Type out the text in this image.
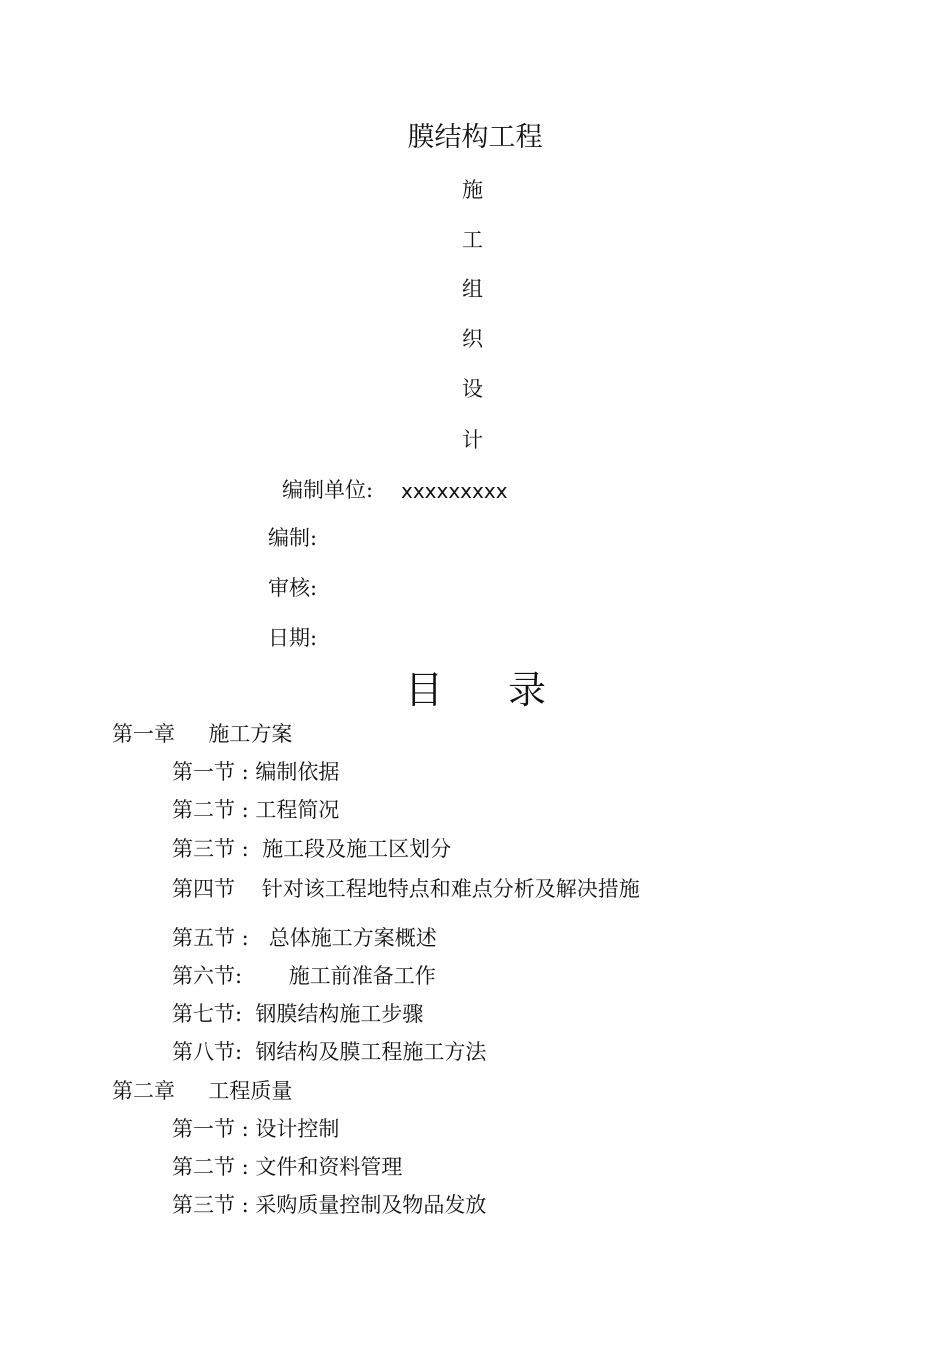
膜结构工程
施
工
组
织
设
计
编制单位: xxxxxxxxx
编制:
审核:
日期:
目 录
第一章     施工方案
第一节 : 编制依据
第二节 : 工程简况
第三节 :  施工段及施工区划分
第四节    针对该工程地特点和难点分析及解决措施
第五节 :   总体施工方案概述
第六节:       施工前准备工作
第七节:  钢膜结构施工步骤
第八节:  钢结构及膜工程施工方法
第二章     工程质量
第一节 : 设计控制
第二节 : 文件和资料管理
第三节 : 采购质量控制及物品发放
